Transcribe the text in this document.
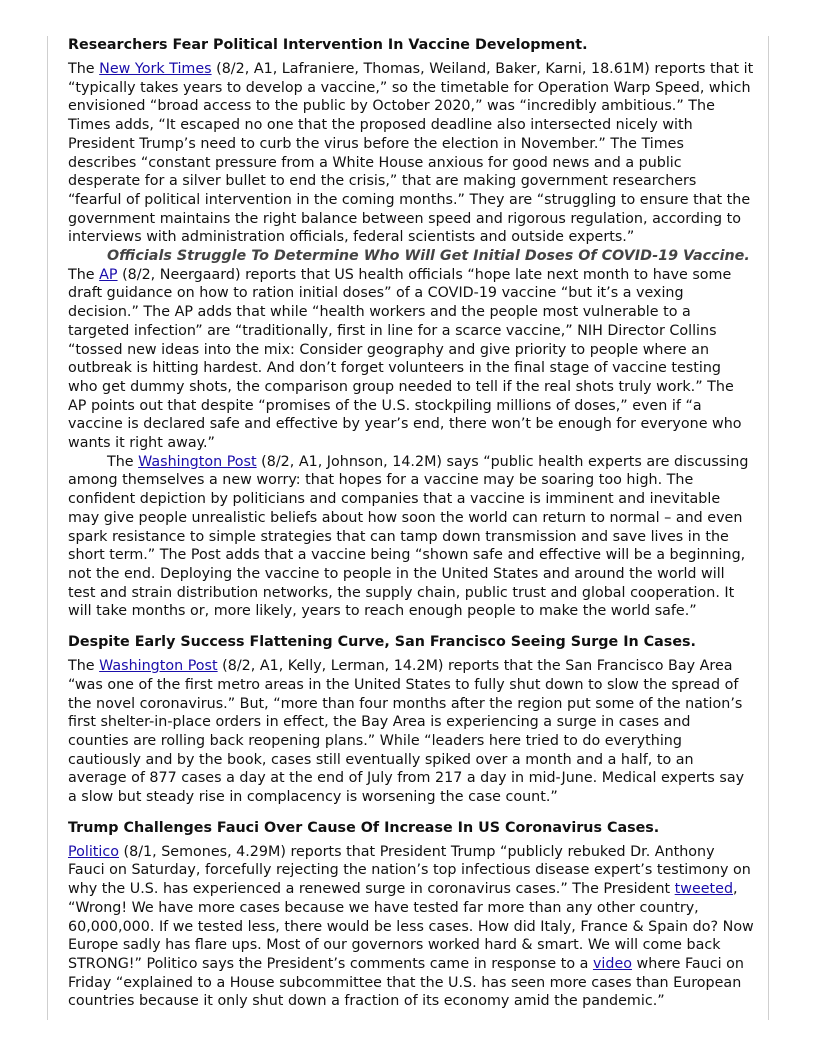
Researchers Fear Political Intervention In Vaccine Development.

The New York Times (8/2, A1, Lafraniere, Thomas, Weiland, Baker, Karni, 18.61M) reports that it “typically takes years to develop a vaccine,” so the timetable for Operation Warp Speed, which envisioned “broad access to the public by October 2020,” was “incredibly ambitious.” The Times adds, “It escaped no one that the proposed deadline also intersected nicely with President Trump’s need to curb the virus before the election in November.” The Times describes “constant pressure from a White House anxious for good news and a public desperate for a silver bullet to end the crisis,” that are making government researchers “fearful of political intervention in the coming months.” They are “struggling to ensure that the government maintains the right balance between speed and rigorous regulation, according to interviews with administration officials, federal scientists and outside experts.”

Officials Struggle To Determine Who Will Get Initial Doses Of COVID-19 Vaccine. The AP (8/2, Neergaard) reports that US health officials “hope late next month to have some draft guidance on how to ration initial doses” of a COVID-19 vaccine “but it’s a vexing decision.” The AP adds that while “health workers and the people most vulnerable to a targeted infection” are “traditionally, first in line for a scarce vaccine,” NIH Director Collins “tossed new ideas into the mix: Consider geography and give priority to people where an outbreak is hitting hardest. And don’t forget volunteers in the final stage of vaccine testing who get dummy shots, the comparison group needed to tell if the real shots truly work.” The AP points out that despite “promises of the U.S. stockpiling millions of doses,” even if “a vaccine is declared safe and effective by year’s end, there won’t be enough for everyone who wants it right away.”

The Washington Post (8/2, A1, Johnson, 14.2M) says “public health experts are discussing among themselves a new worry: that hopes for a vaccine may be soaring too high. The confident depiction by politicians and companies that a vaccine is imminent and inevitable may give people unrealistic beliefs about how soon the world can return to normal – and even spark resistance to simple strategies that can tamp down transmission and save lives in the short term.” The Post adds that a vaccine being “shown safe and effective will be a beginning, not the end. Deploying the vaccine to people in the United States and around the world will test and strain distribution networks, the supply chain, public trust and global cooperation. It will take months or, more likely, years to reach enough people to make the world safe.”

Despite Early Success Flattening Curve, San Francisco Seeing Surge In Cases.

The Washington Post (8/2, A1, Kelly, Lerman, 14.2M) reports that the San Francisco Bay Area “was one of the first metro areas in the United States to fully shut down to slow the spread of the novel coronavirus.” But, “more than four months after the region put some of the nation’s first shelter-in-place orders in effect, the Bay Area is experiencing a surge in cases and counties are rolling back reopening plans.” While “leaders here tried to do everything cautiously and by the book, cases still eventually spiked over a month and a half, to an average of 877 cases a day at the end of July from 217 a day in mid-June. Medical experts say a slow but steady rise in complacency is worsening the case count.”

Trump Challenges Fauci Over Cause Of Increase In US Coronavirus Cases.

Politico (8/1, Semones, 4.29M) reports that President Trump “publicly rebuked Dr. Anthony Fauci on Saturday, forcefully rejecting the nation’s top infectious disease expert’s testimony on why the U.S. has experienced a renewed surge in coronavirus cases.” The President tweeted, “Wrong! We have more cases because we have tested far more than any other country, 60,000,000. If we tested less, there would be less cases. How did Italy, France & Spain do? Now Europe sadly has flare ups. Most of our governors worked hard & smart. We will come back STRONG!” Politico says the President’s comments came in response to a video where Fauci on Friday “explained to a House subcommittee that the U.S. has seen more cases than European countries because it only shut down a fraction of its economy amid the pandemic.”
